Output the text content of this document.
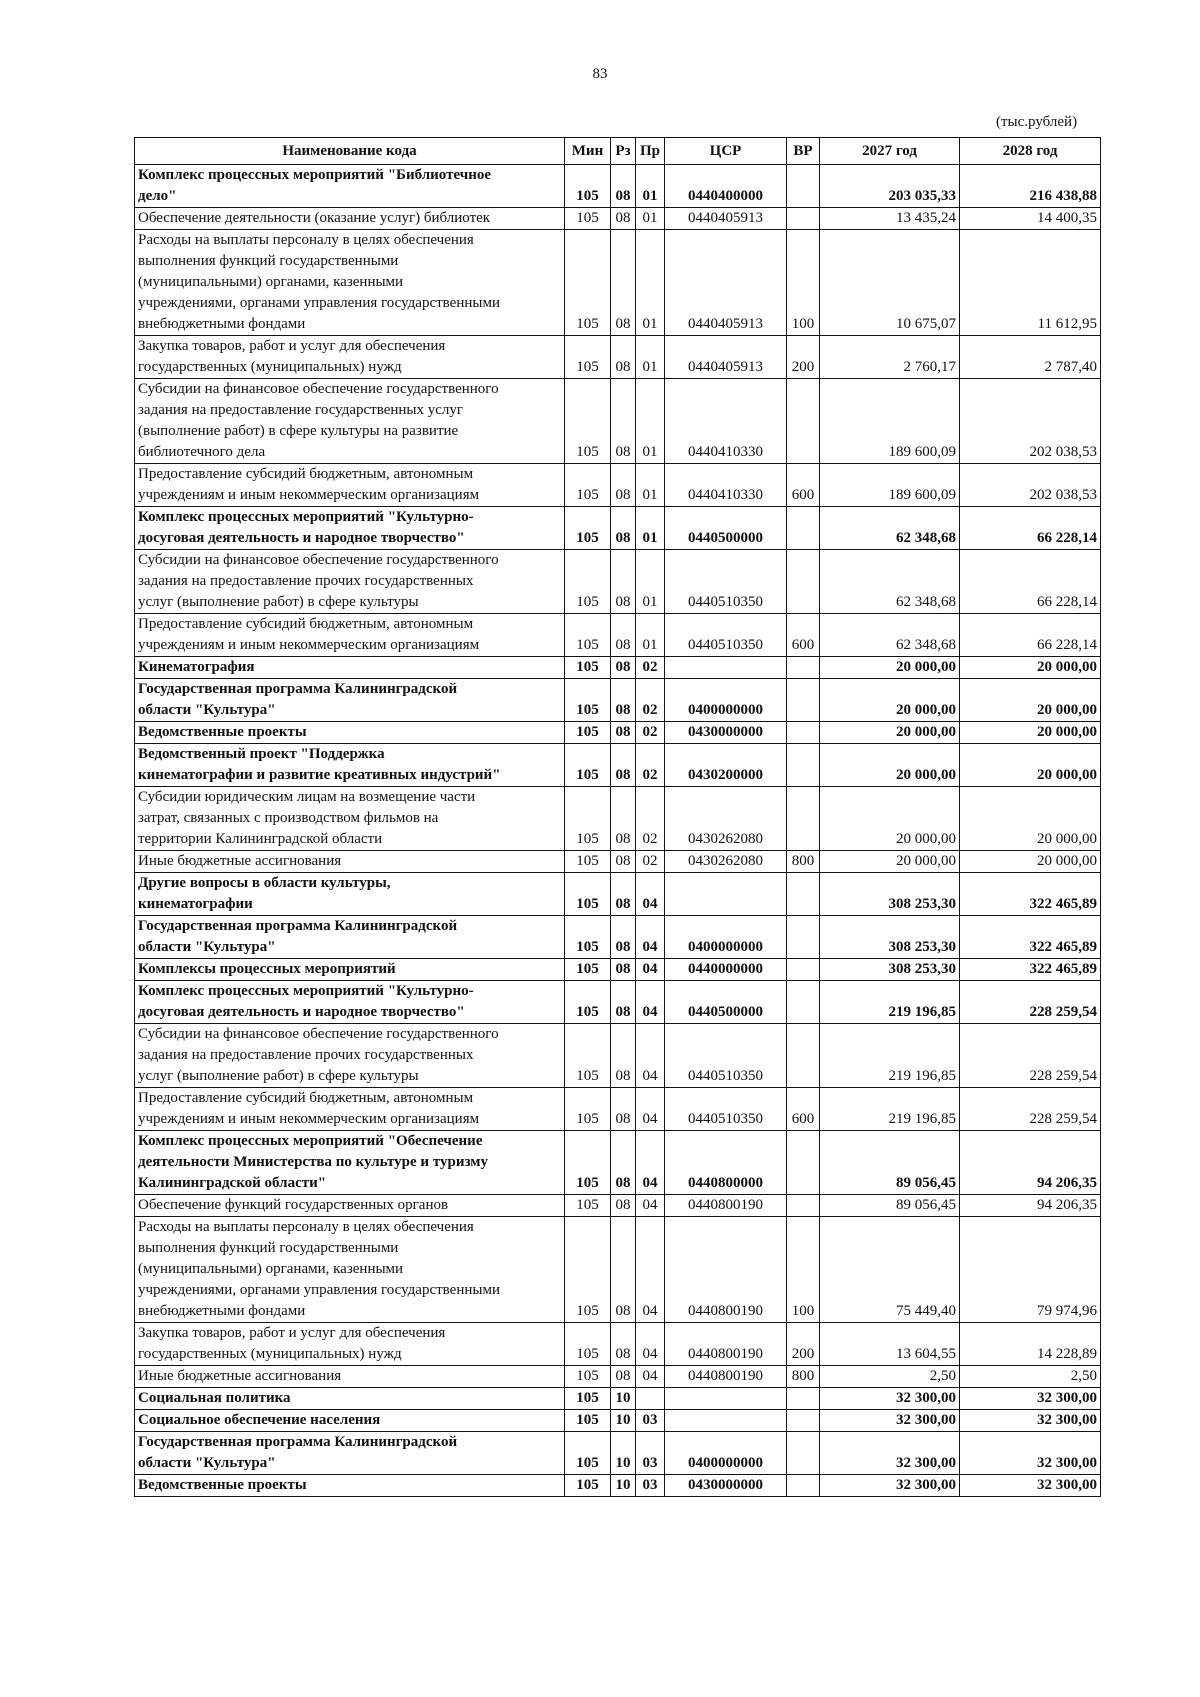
83
(тыс.рублей)
Наименование кода	Мин	Рз	Пр	ЦСР	ВР	2027 год	2028 год
Комплекс процессных мероприятий "Библиотечное
дело"	105	08	01	0440400000		203 035,33	216 438,88
Обеспечение деятельности (оказание услуг) библиотек	105	08	01	0440405913		13 435,24	14 400,35
Расходы на выплаты персоналу в целях обеспечения
выполнения функций государственными
(муниципальными) органами, казенными
учреждениями, органами управления государственными
внебюджетными фондами	105	08	01	0440405913	100	10 675,07	11 612,95
Закупка товаров, работ и услуг для обеспечения
государственных (муниципальных) нужд	105	08	01	0440405913	200	2 760,17	2 787,40
Субсидии на финансовое обеспечение государственного
задания на предоставление государственных услуг
(выполнение работ) в сфере культуры на развитие
библиотечного дела	105	08	01	0440410330		189 600,09	202 038,53
Предоставление субсидий бюджетным, автономным
учреждениям и иным некоммерческим организациям	105	08	01	0440410330	600	189 600,09	202 038,53
Комплекс процессных мероприятий "Культурно-
досуговая деятельность и народное творчество"	105	08	01	0440500000		62 348,68	66 228,14
Субсидии на финансовое обеспечение государственного
задания на предоставление прочих государственных
услуг (выполнение работ) в сфере культуры	105	08	01	0440510350		62 348,68	66 228,14
Предоставление субсидий бюджетным, автономным
учреждениям и иным некоммерческим организациям	105	08	01	0440510350	600	62 348,68	66 228,14
Кинематография	105	08	02			20 000,00	20 000,00
Государственная программа Калининградской
области "Культура"	105	08	02	0400000000		20 000,00	20 000,00
Ведомственные проекты	105	08	02	0430000000		20 000,00	20 000,00
Ведомственный проект "Поддержка
кинематографии и развитие креативных индустрий"	105	08	02	0430200000		20 000,00	20 000,00
Субсидии юридическим лицам на возмещение части
затрат, связанных с производством фильмов на
территории Калининградской области	105	08	02	0430262080		20 000,00	20 000,00
Иные бюджетные ассигнования	105	08	02	0430262080	800	20 000,00	20 000,00
Другие вопросы в области культуры,
кинематографии	105	08	04			308 253,30	322 465,89
Государственная программа Калининградской
области "Культура"	105	08	04	0400000000		308 253,30	322 465,89
Комплексы процессных мероприятий	105	08	04	0440000000		308 253,30	322 465,89
Комплекс процессных мероприятий "Культурно-
досуговая деятельность и народное творчество"	105	08	04	0440500000		219 196,85	228 259,54
Субсидии на финансовое обеспечение государственного
задания на предоставление прочих государственных
услуг (выполнение работ) в сфере культуры	105	08	04	0440510350		219 196,85	228 259,54
Предоставление субсидий бюджетным, автономным
учреждениям и иным некоммерческим организациям	105	08	04	0440510350	600	219 196,85	228 259,54
Комплекс процессных мероприятий "Обеспечение
деятельности Министерства по культуре и туризму
Калининградской области"	105	08	04	0440800000		89 056,45	94 206,35
Обеспечение функций государственных органов	105	08	04	0440800190		89 056,45	94 206,35
Расходы на выплаты персоналу в целях обеспечения
выполнения функций государственными
(муниципальными) органами, казенными
учреждениями, органами управления государственными
внебюджетными фондами	105	08	04	0440800190	100	75 449,40	79 974,96
Закупка товаров, работ и услуг для обеспечения
государственных (муниципальных) нужд	105	08	04	0440800190	200	13 604,55	14 228,89
Иные бюджетные ассигнования	105	08	04	0440800190	800	2,50	2,50
Социальная политика	105	10				32 300,00	32 300,00
Социальное обеспечение населения	105	10	03			32 300,00	32 300,00
Государственная программа Калининградской
области "Культура"	105	10	03	0400000000		32 300,00	32 300,00
Ведомственные проекты	105	10	03	0430000000		32 300,00	32 300,00
